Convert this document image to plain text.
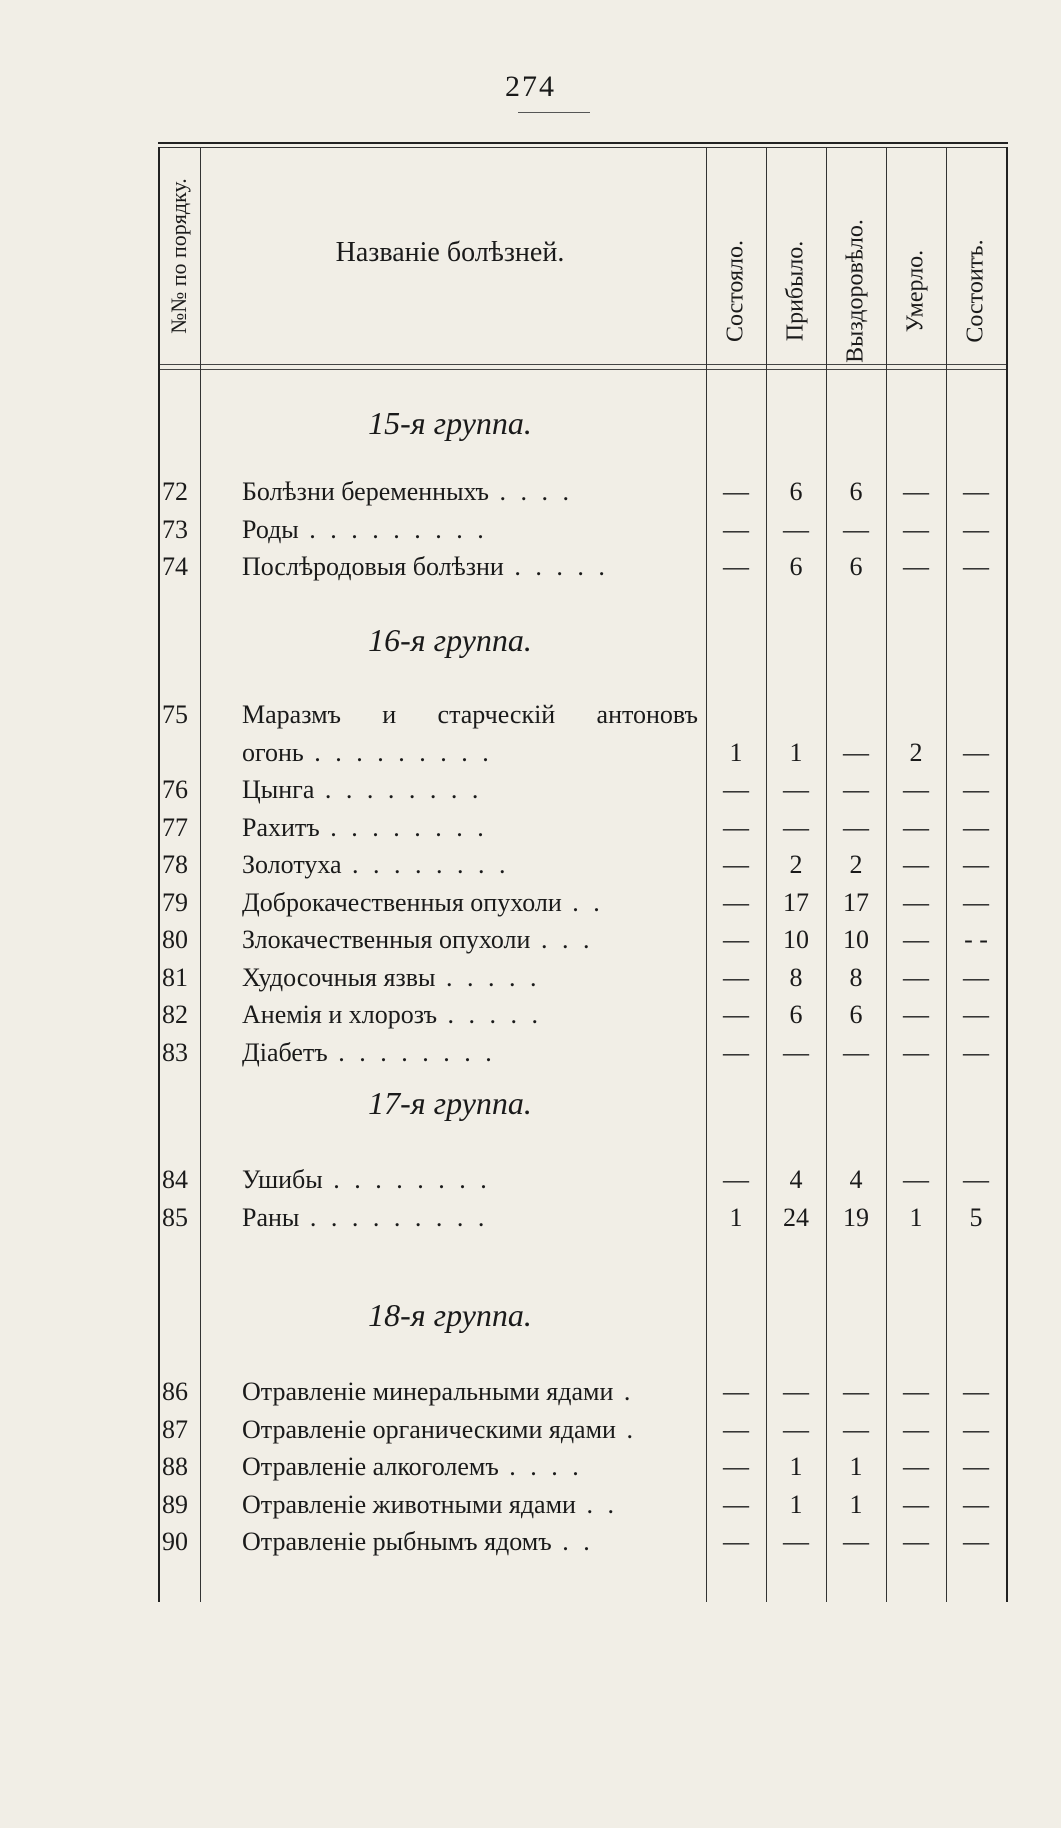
274
№№ по порядку.	Названіе болѣзней.	Состояло. Прибыло. Выздоровѣло. Умерло. Состоитъ.
15-я группа.
72	Болѣзни беременныхъ . . . .	—	6	6	—	—
73	Роды . . . . . . . . .	—	—	—	—	—
74	Послѣродовыя болѣзни . . . . .	—	6	6	—	—
16-я группа.
75	Маразмъ и старческій антоновъ
огонь . . . . . . . . .	1	1	—	2	—
76	Цынга . . . . . . . .	—	—	—	—	—
77	Рахитъ . . . . . . . .	—	—	—	—	—
78	Золотуха . . . . . . . .	—	2	2	—	—
79	Доброкачественныя опухоли . .	—	17	17	—	—
80	Злокачественныя опухоли . . .	—	10	10	—	- -
81	Худосочныя язвы . . . . .	—	8	8	—	—
82	Анемія и хлорозъ . . . . .	—	6	6	—	—
83	Діабетъ . . . . . . . .	—	—	—	—	—
17-я группа.
84	Ушибы . . . . . . . .	—	4	4	—	—
85	Раны . . . . . . . . .	1	24	19	1	5
18-я группа.
86	Отравленіе минеральными ядами .	—	—	—	—	—
87	Отравленіе органическими ядами .	—	—	—	—	—
88	Отравленіе алкоголемъ . . . .	—	1	1	—	—
89	Отравленіе животными ядами . .	—	1	1	—	—
90	Отравленіе рыбнымъ ядомъ . .	—	—	—	—	—
